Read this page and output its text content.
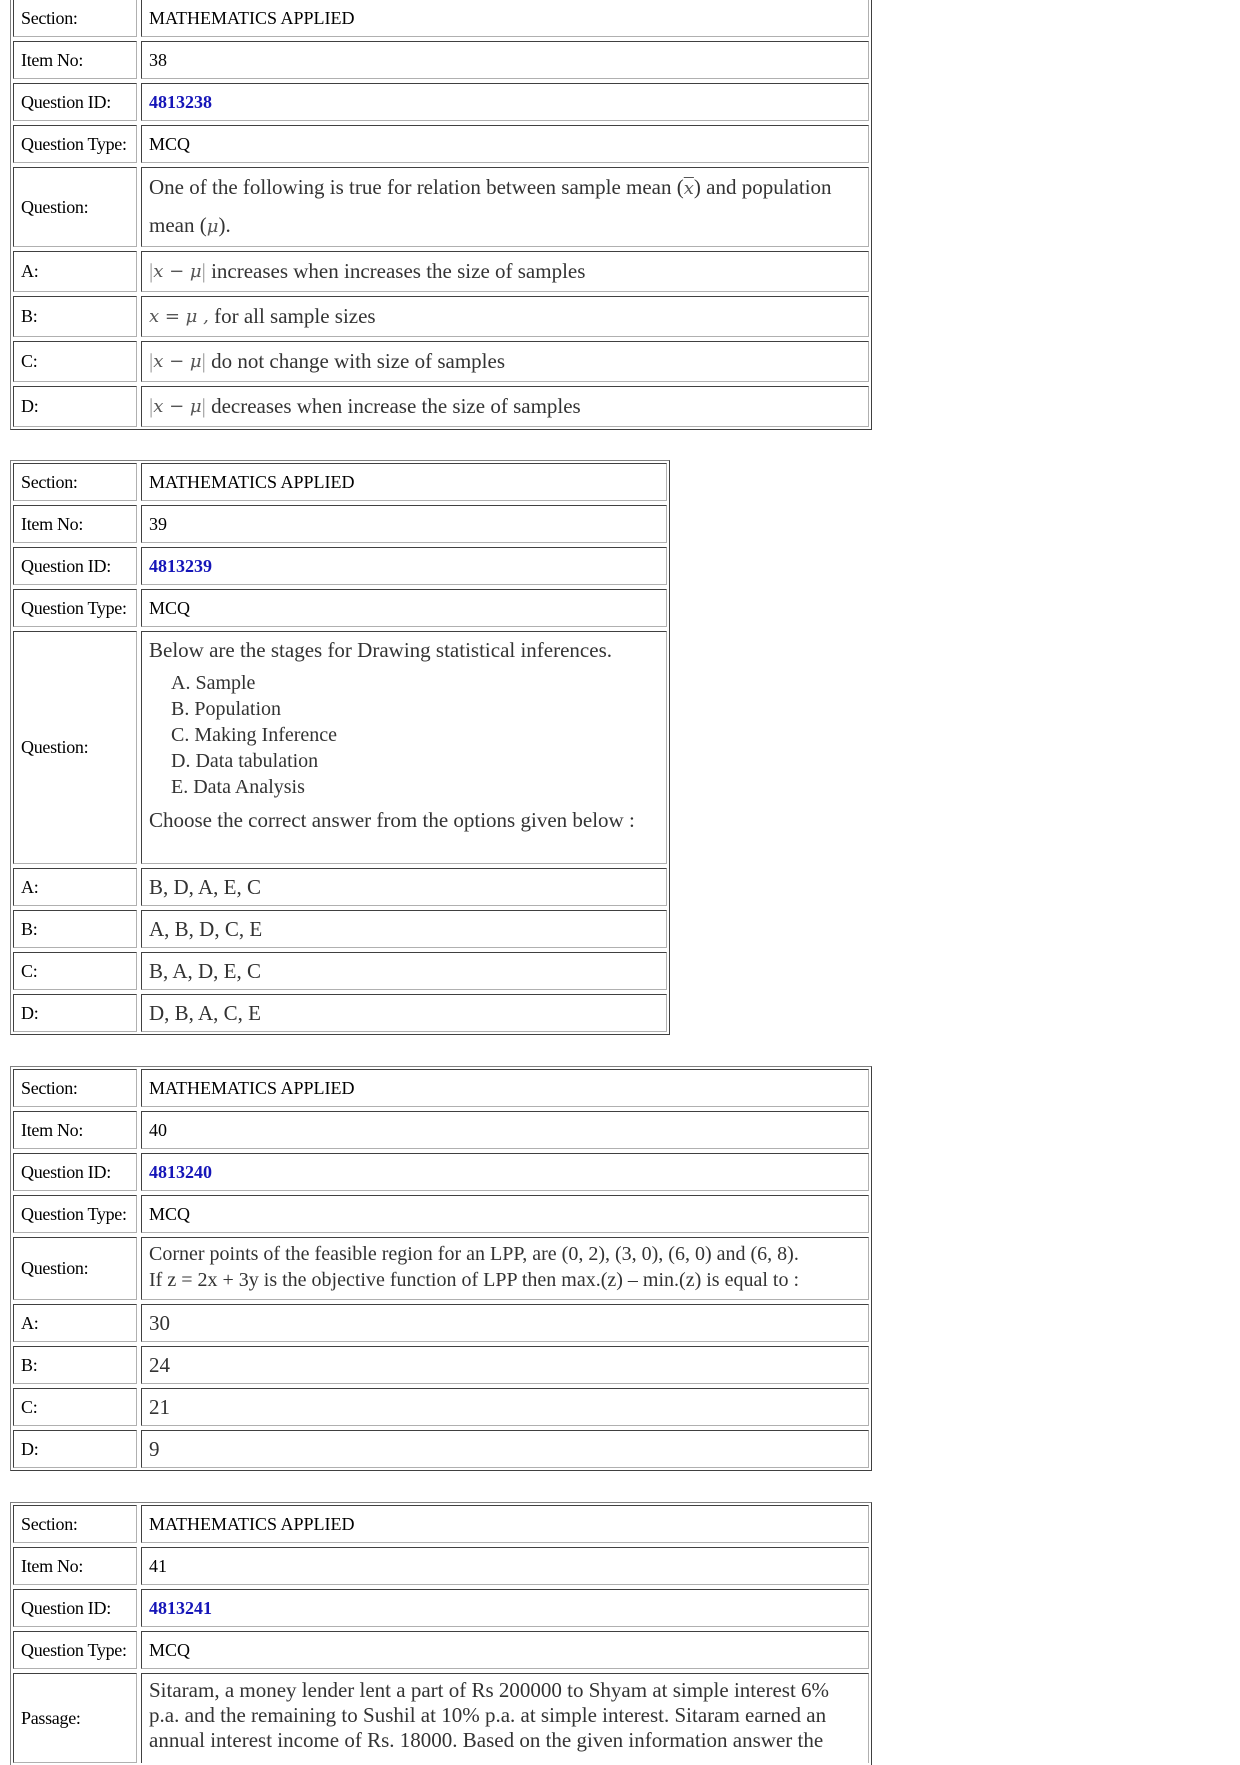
Section:	MATHEMATICS APPLIED
Item No:	38
Question ID:	4813238
Question Type:	MCQ
Question:
One of the following is true for relation between sample mean $(\overline{x})$ and population mean (μ).
A:	| x − μ |
increases when increases the size of samples
B:	x = μ ,
for all sample sizes
C:	| x − μ |
do not change with size of samples
D:	| x − μ |
decreases when increase the size of samples
Section:	MATHEMATICS APPLIED
Item No:	39
Question ID:	4813239
Question Type:	MCQ
Question:
Below are the stages for Drawing statistical inferences.
A. Sample
B. Population
C. Making Inference
D. Data tabulation
E. Data Analysis
Choose the correct answer from the options given below :
A:	B, D, A, E, C
B:	A, B, D, C, E
C:	B, A, D, E, C
D:	D, B, A, C, E
Section:	MATHEMATICS APPLIED
Item No:	40
Question ID:	4813240
Question Type:	MCQ
Question:
Corner points of the feasible region for an LPP, are (0, 2), (3, 0), (6, 0) and (6, 8).
If z = 2x + 3y is the objective function of LPP then max.(z) – min.(z) is equal to :
A:	30
B:	24
C:	21
D:	9
Section:	MATHEMATICS APPLIED
Item No:	41
Question ID:	4813241
Question Type:	MCQ
Passage:
Sitaram, a money lender lent a part of Rs 200000 to Shyam at simple interest 6% p.a. and the remaining to Sushil at 10% p.a. at simple interest. Sitaram earned an annual interest income of Rs. 18000. Based on the given information answer the
